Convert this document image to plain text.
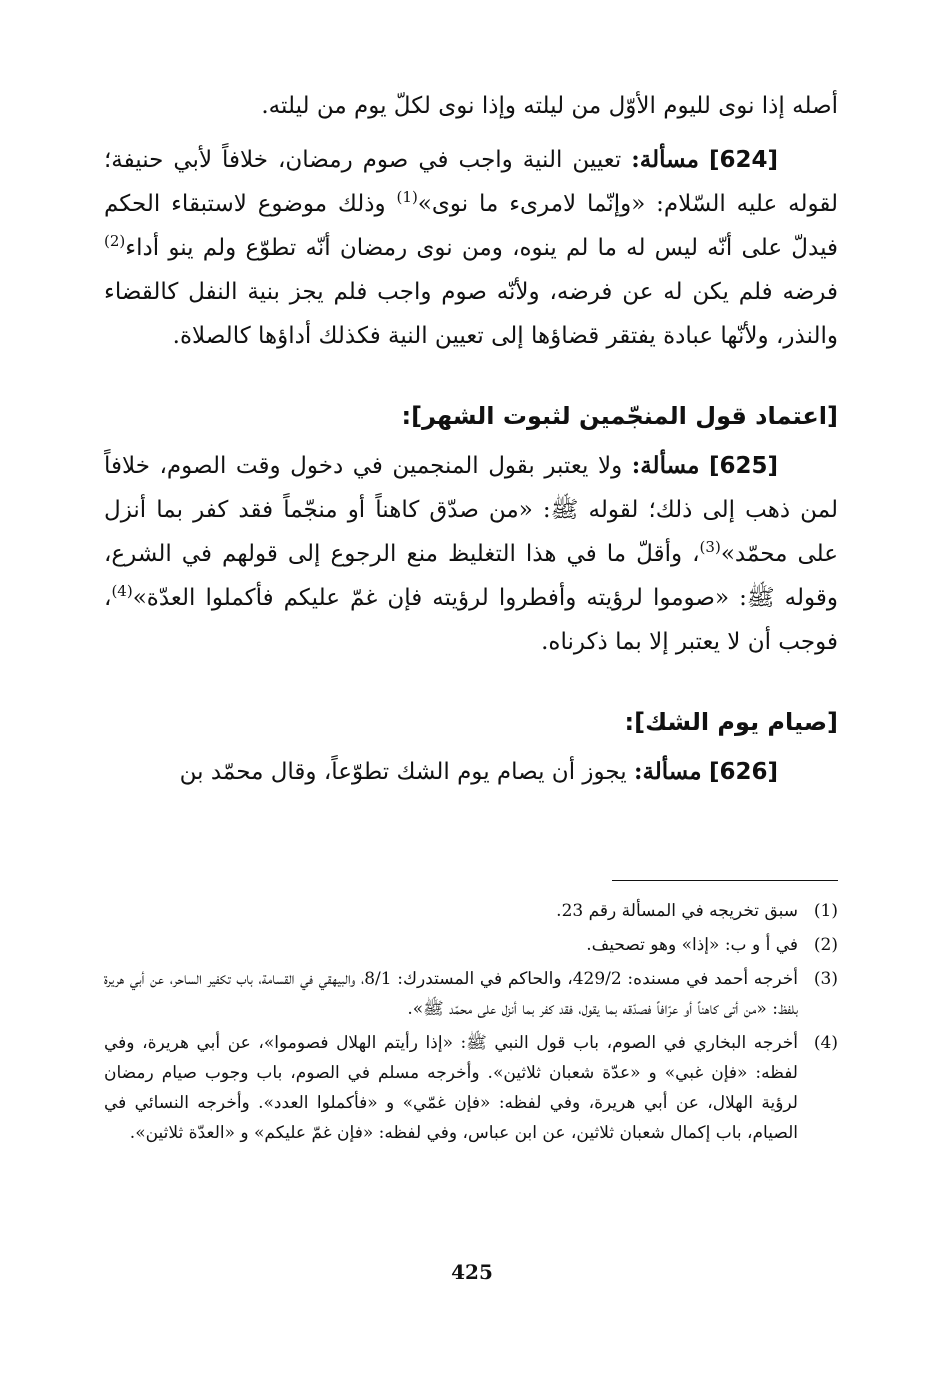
أصله إذا نوى لليوم الأوّل من ليلته وإذا نوى لكلّ يوم من ليلته.

[624] مسألة: تعيين النية واجب في صوم رمضان، خلافاً لأبي حنيفة؛ لقوله عليه السّلام: «وإنّما لامرىء ما نوى»$^{(1)}$ وذلك موضوع لاستبقاء الحكم فيدلّ على أنّه ليس له ما لم ينوه، ومن نوى رمضان أنّه تطوّع ولم ينو أداء$^{(2)}$ فرضه فلم يكن له عن فرضه، ولأنّه صوم واجب فلم يجز بنية النفل كالقضاء والنذر، ولأنّها عبادة يفتقر قضاؤها إلى تعيين النية فكذلك أداؤها كالصلاة.

[اعتماد قول المنجّمين لثبوت الشهر]:

[625] مسألة: ولا يعتبر بقول المنجمين في دخول وقت الصوم، خلافاً لمن ذهب إلى ذلك؛ لقوله ﷺ: «من صدّق كاهناً أو منجّماً فقد كفر بما أنزل على محمّد»$^{(3)}$، وأقلّ ما في هذا التغليظ منع الرجوع إلى قولهم في الشرع، وقوله ﷺ: «صوموا لرؤيته وأفطروا لرؤيته فإن غمّ عليكم فأكملوا العدّة»$^{(4)}$، فوجب أن لا يعتبر إلا بما ذكرناه.

[صيام يوم الشك]:

[626] مسألة: يجوز أن يصام يوم الشك تطوّعاً، وقال محمّد بن

(1)
سبق تخريجه في المسألة رقم 23.
(2)
في أ و ب: «إذا» وهو تصحيف.
(3)
أخرجه أحمد في مسنده: 429/2، والحاكم في المستدرك: 8/1، والبيهقي في القسامة، باب تكفير الساحر، عن أبي هريرة بلفظ: «من أتى كاهناً أو عرّافاً فصدّقه بما يقول، فقد كفر بما أنزل على محمّد ﷺ».
(4)
أخرجه البخاري في الصوم، باب قول النبي ﷺ: «إذا رأيتم الهلال فصوموا»، عن أبي هريرة، وفي لفظه: «فإن غبي» و «عدّة شعبان ثلاثين». وأخرجه مسلم في الصوم، باب وجوب صيام رمضان لرؤية الهلال، عن أبي هريرة، وفي لفظه: «فإن غمّي» و «فأكملوا العدد». وأخرجه النسائي في الصيام، باب إكمال شعبان ثلاثين، عن ابن عباس، وفي لفظه: «فإن غمّ عليكم» و «العدّة ثلاثين».
425
